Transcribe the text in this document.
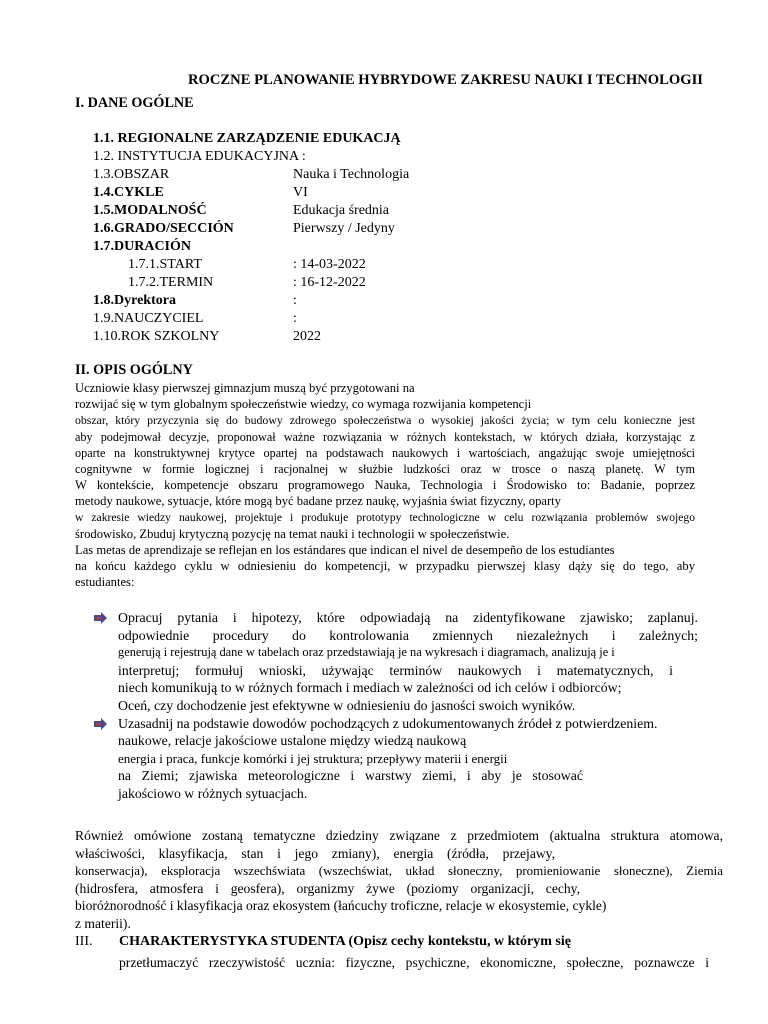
ROCZNE PLANOWANIE HYBRYDOWE ZAKRESU NAUKI I TECHNOLOGII
I. DANE OGÓLNE
1.1. REGIONALNE ZARZĄDZENIE EDUKACJĄ
1.2. INSTYTUCJA EDUKACYJNA :
1.3.OBSZAR	Nauka i Technologia
1.4.CYKLE	VI
1.5.MODALNOŚĆ	Edukacja średnia
1.6.GRADO/SECCIÓN	Pierwszy / Jedyny
1.7.DURACIÓN
1.7.1.START	: 14-03-2022
1.7.2.TERMIN	: 16-12-2022
1.8.Dyrektora	:
1.9.NAUCZYCIEL	:
1.10.ROK SZKOLNY	2022
II. OPIS OGÓLNY
Uczniowie klasy pierwszej gimnazjum muszą być przygotowani na
rozwijać się w tym globalnym społeczeństwie wiedzy, co wymaga rozwijania kompetencji
obszar, który przyczynia się do budowy zdrowego społeczeństwa o wysokiej jakości życia; w tym celu konieczne jest
aby podejmował decyzje, proponował ważne rozwiązania w różnych kontekstach, w których działa, korzystając z
oparte na konstruktywnej krytyce opartej na podstawach naukowych i wartościach, angażując swoje umiejętności
cognitywne w formie logicznej i racjonalnej w służbie ludzkości oraz w trosce o naszą planetę. W tym
W kontekście, kompetencje obszaru programowego Nauka, Technologia i Środowisko to: Badanie, poprzez
metody naukowe, sytuacje, które mogą być badane przez naukę, wyjaśnia świat fizyczny, oparty
w zakresie wiedzy naukowej, projektuje i produkuje prototypy technologiczne w celu rozwiązania problemów swojego
środowisko, Zbuduj krytyczną pozycję na temat nauki i technologii w społeczeństwie.
Las metas de aprendizaje se reflejan en los estándares que indican el nivel de desempeño de los estudiantes
na końcu każdego cyklu w odniesieniu do kompetencji, w przypadku pierwszej klasy dąży się do tego, aby
estudiantes:
Opracuj pytania i hipotezy, które odpowiadają na zidentyfikowane zjawisko; zaplanuj.
odpowiednie procedury do kontrolowania zmiennych niezależnych i zależnych;
generują i rejestrują dane w tabelach oraz przedstawiają je na wykresach i diagramach, analizują je i
interpretuj; formułuj wnioski, używając terminów naukowych i matematycznych, i
niech komunikują to w różnych formach i mediach w zależności od ich celów i odbiorców;
Oceń, czy dochodzenie jest efektywne w odniesieniu do jasności swoich wyników.
Uzasadnij na podstawie dowodów pochodzących z udokumentowanych źródeł z potwierdzeniem.
naukowe, relacje jakościowe ustalone między wiedzą naukową
energia i praca, funkcje komórki i jej struktura; przepływy materii i energii
na Ziemi; zjawiska meteorologiczne i warstwy ziemi, i aby je stosować
jakościowo w różnych sytuacjach.
Również omówione zostaną tematyczne dziedziny związane z przedmiotem (aktualna struktura atomowa,
właściwości, klasyfikacja, stan i jego zmiany), energia (źródła, przejawy,
konserwacja), eksploracja wszechświata (wszechświat, układ słoneczny, promieniowanie słoneczne), Ziemia
(hidrosfera, atmosfera i geosfera), organizmy żywe (poziomy organizacji, cechy,
bioróżnorodność i klasyfikacja oraz ekosystem (łańcuchy troficzne, relacje w ekosystemie, cykle)
z materii).
III. CHARAKTERYSTYKA STUDENTA (Opisz cechy kontekstu, w którym się
przetłumaczyć rzeczywistość ucznia: fizyczne, psychiczne, ekonomiczne, społeczne, poznawcze i
